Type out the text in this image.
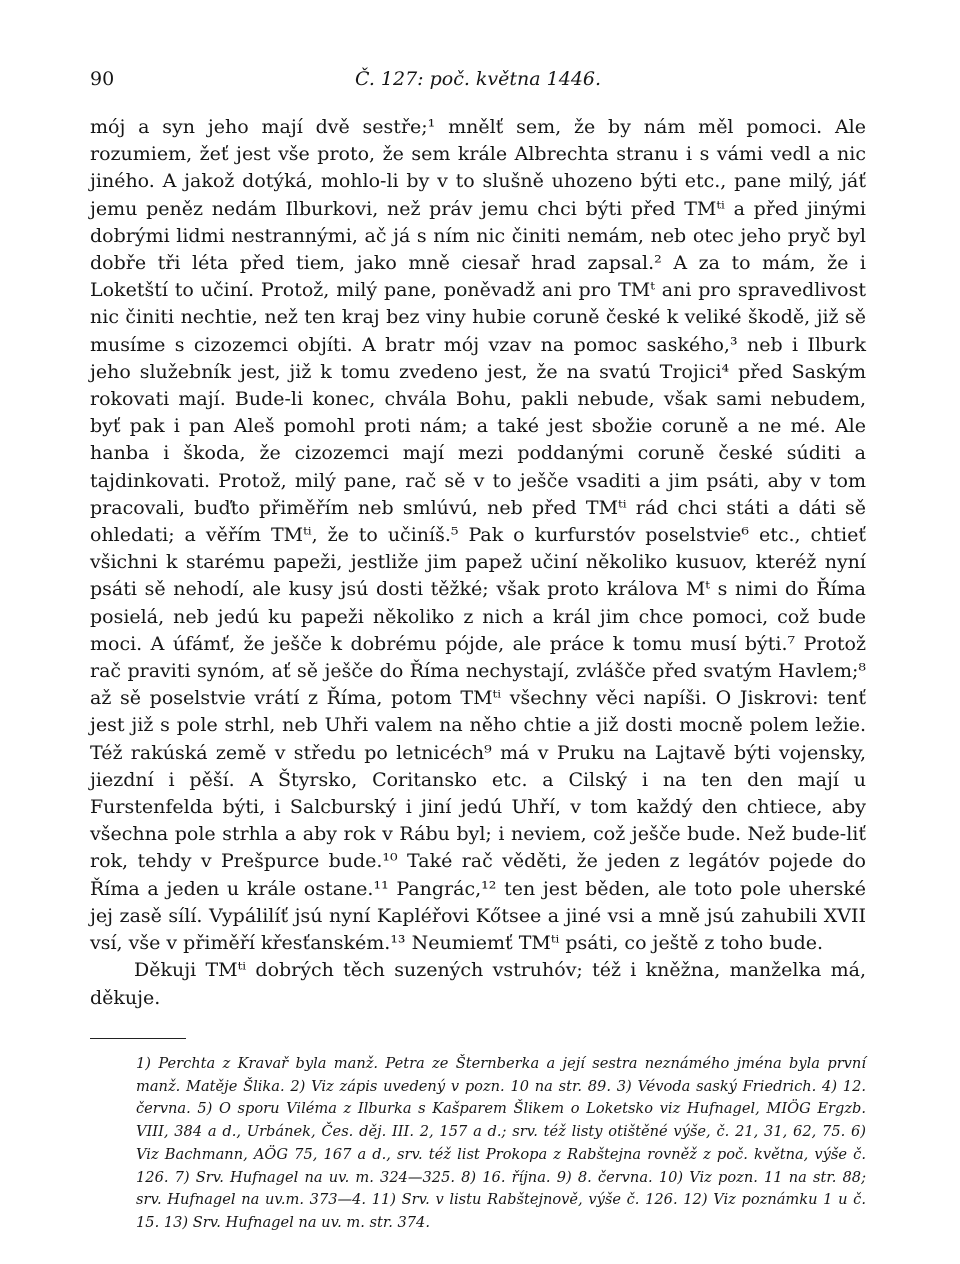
90	Č. 127: poč. května 1446.

mój a syn jeho mají dvě sestře;¹ mnělť sem, že by nám měl pomoci. Ale rozumiem, žeť jest vše proto, že sem krále Albrechta stranu i s vámi vedl a nic jiného. A jakož dotýká, mohlo-li by v to slušně uhozeno býti etc., pane milý, jáť jemu peněz nedám Ilburkovi, než práv jemu chci býti před TMᵗⁱ a před jinými dobrými lidmi nestrannými, ač já s ním nic činiti nemám, neb otec jeho pryč byl dobře tři léta před tiem, jako mně ciesař hrad zapsal.² A za to mám, že i Loketští to učiní. Protož, milý pane, poněvadž ani pro TMᵗ ani pro spravedlivost nic činiti nechtie, než ten kraj bez viny hubie coruně české k veliké škodě, již sě musíme s cizozemci objíti. A bratr mój vzav na pomoc saského,³ neb i Ilburk jeho služebník jest, již k tomu zvedeno jest, že na svatú Trojici⁴ před Saským rokovati mají. Bude-li konec, chvála Bohu, pakli nebude, však sami nebudem, byť pak i pan Aleš pomohl proti nám; a také jest sbožie coruně a ne mé. Ale hanba i škoda, že cizozemci mají mezi poddanými coruně české súditi a tajdinkovati. Protož, milý pane, rač sě v to ješče vsaditi a jim psáti, aby v tom pracovali, buďto přiměřím neb smlúvú, neb před TMᵗⁱ rád chci státi a dáti sě ohledati; a věřím TMᵗⁱ, že to učiníš.⁵ Pak o kurfurstóv poselstvie⁶ etc., chtieť všichni k starému papeži, jestliže jim papež učiní několiko kusuov, kteréž nyní psáti sě nehodí, ale kusy jsú dosti těžké; však proto králova Mᵗ s nimi do Říma posielá, neb jedú ku papeži několiko z nich a král jim chce pomoci, což bude moci. A úfámť, že ješče k dobrému pójde, ale práce k tomu musí býti.⁷ Protož rač praviti synóm, ať sě ješče do Říma nechystají, zvlášče před svatým Havlem;⁸ až sě poselstvie vrátí z Říma, potom TMᵗⁱ všechny věci napíši. O Jiskrovi: tenť jest již s pole strhl, neb Uhři valem na něho chtie a již dosti mocně polem ležie. Též rakúská země v středu po letnicéch⁹ má v Pruku na Lajtavě býti vojensky, jiezdní i pěší. A Štyrsko, Coritansko etc. a Cilský i na ten den mají u Furstenfelda býti, i Salcburský i jiní jedú Uhří, v tom každý den chtiece, aby všechna pole strhla a aby rok v Rábu byl; i neviem, což ješče bude. Než bude-liť rok, tehdy v Prešpurce bude.¹⁰ Také rač věděti, že jeden z legátóv pojede do Říma a jeden u krále ostane.¹¹ Pangrác,¹² ten jest běden, ale toto pole uherské jej zasě sílí. Vypálilíť jsú nyní Kapléřovi Kőtsee a jiné vsi a mně jsú zahubili XVII vsí, vše v přiměří křesťanském.¹³ Neumiemť TMᵗⁱ psáti, co ještě z toho bude.

Děkuji TMᵗⁱ dobrých těch suzených vstruhóv; též i kněžna, manželka má, děkuje.

1) Perchta z Kravař byla manž. Petra ze Šternberka a její sestra neznámého jména byla první manž. Matěje Šlika. 2) Viz zápis uvedený v pozn. 10 na str. 89. 3) Vévoda saský Friedrich. 4) 12. června. 5) O sporu Viléma z Ilburka s Kašparem Šlikem o Loketsko viz Hufnagel, MIÖG Ergzb. VIII, 384 a d., Urbánek, Čes. děj. III. 2, 157 a d.; srv. též listy otištěné výše, č. 21, 31, 62, 75. 6) Viz Bachmann, AÖG 75, 167 a d., srv. též list Prokopa z Rabštejna rovněž z poč. května, výše č. 126. 7) Srv. Hufnagel na uv. m. 324—325. 8) 16. října. 9) 8. června. 10) Viz pozn. 11 na str. 88; srv. Hufnagel na uv.m. 373—4. 11) Srv. v listu Rabštejnově, výše č. 126. 12) Viz poznámku 1 u č. 15. 13) Srv. Hufnagel na uv. m. str. 374.
